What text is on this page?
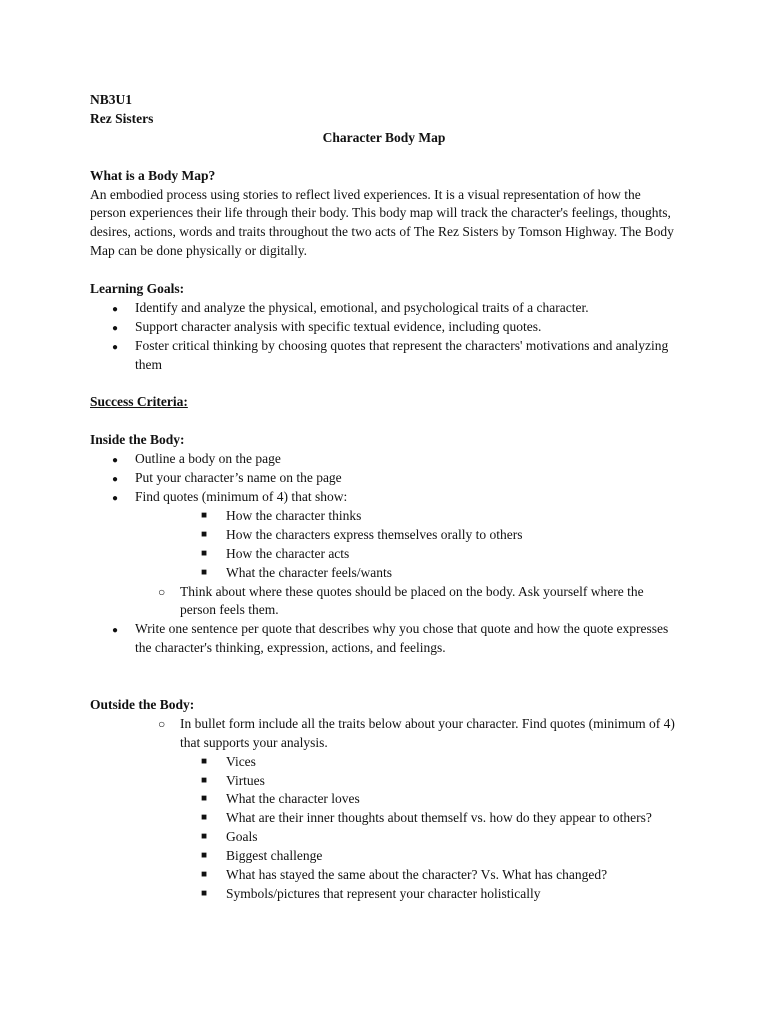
NB3U1

Rez Sisters

Character Body Map

What is a Body Map?

An embodied process using stories to reflect lived experiences. It is a visual representation of how the person experiences their life through their body. This body map will track the character's feelings, thoughts, desires, actions, words and traits throughout the two acts of The Rez Sisters by Tomson Highway. The Body Map can be done physically or digitally.

Learning Goals:

●
Identify and analyze the physical, emotional, and psychological traits of a character.
●
Support character analysis with specific textual evidence, including quotes.
●
Foster critical thinking by choosing quotes that represent the characters' motivations and analyzing them

Success Criteria:

Inside the Body:

●
Outline a body on the page
●
Put your character’s name on the page
●
Find quotes (minimum of 4) that show:
■
How the character thinks
■
How the characters express themselves orally to others
■
How the character acts
■
What the character feels/wants
○
Think about where these quotes should be placed on the body. Ask yourself where the person feels them.
●
Write one sentence per quote that describes why you chose that quote and how the quote expresses the character's thinking, expression, actions, and feelings.

Outside the Body:

○
In bullet form include all the traits below about your character. Find quotes (minimum of 4) that supports your analysis.
■
Vices
■
Virtues
■
What the character loves
■
What are their inner thoughts about themself vs. how do they appear to others?
■
Goals
■
Biggest challenge
■
What has stayed the same about the character? Vs. What has changed?
■
Symbols/pictures that represent your character holistically
